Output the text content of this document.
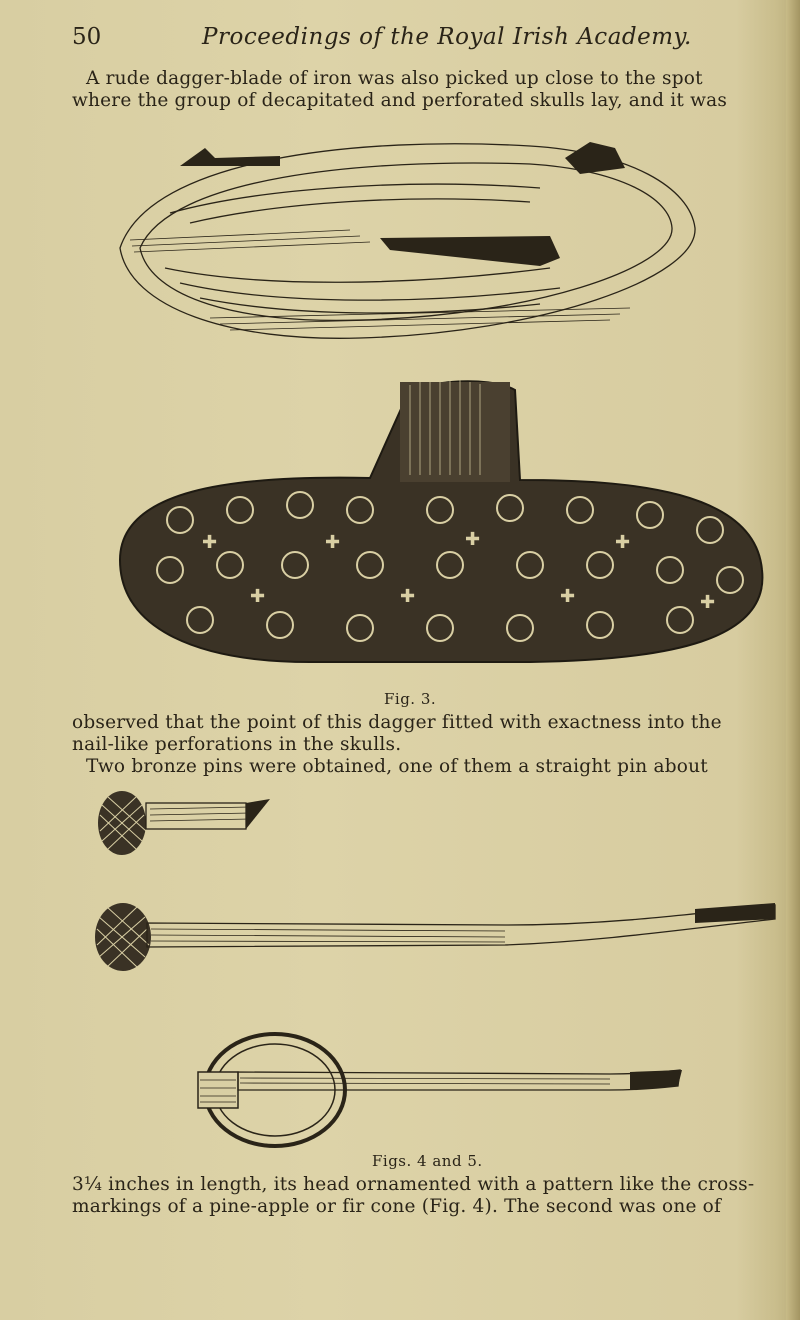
50	Proceedings of the Royal Irish Academy.
A rude dagger-blade of iron was also picked up close to the spot
where the group of decapitated and perforated skulls lay, and it was
✚	✚	✚	✚
✚	✚	✚	✚
Fig. 3.
observed that the point of this dagger fitted with exactness into the
nail-like perforations in the skulls.
Two bronze pins were obtained, one of them a straight pin about
Figs. 4 and 5.
3¼ inches in length, its head ornamented with a pattern like the cross-
markings of a pine-apple or fir cone (Fig. 4). The second was one of
